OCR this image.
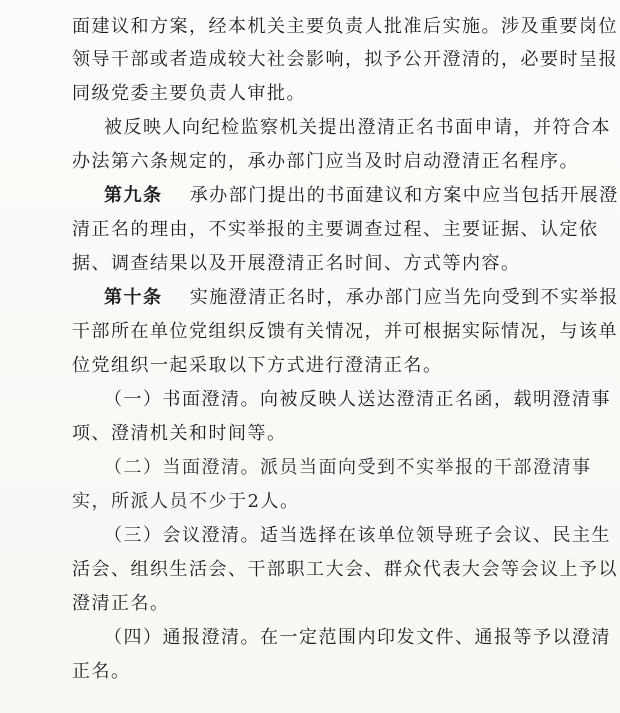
面建议和方案，经本机关主要负责人批准后实施。涉及重要岗位
领导干部或者造成较大社会影响，拟予公开澄清的，必要时呈报
同级党委主要负责人审批。
被反映人向纪检监察机关提出澄清正名书面申请，并符合本
办法第六条规定的，承办部门应当及时启动澄清正名程序。
第九条 承办部门提出的书面建议和方案中应当包括开展澄
清正名的理由，不实举报的主要调查过程、主要证据、认定依
据、调查结果以及开展澄清正名时间、方式等内容。
第十条 实施澄清正名时，承办部门应当先向受到不实举报
干部所在单位党组织反馈有关情况，并可根据实际情况，与该单
位党组织一起采取以下方式进行澄清正名。
（一）书面澄清。向被反映人送达澄清正名函，载明澄清事
项、澄清机关和时间等。
（二）当面澄清。派员当面向受到不实举报的干部澄清事
实，所派人员不少于2人。
（三）会议澄清。适当选择在该单位领导班子会议、民主生
活会、组织生活会、干部职工大会、群众代表大会等会议上予以
澄清正名。
（四）通报澄清。在一定范围内印发文件、通报等予以澄清
正名。
